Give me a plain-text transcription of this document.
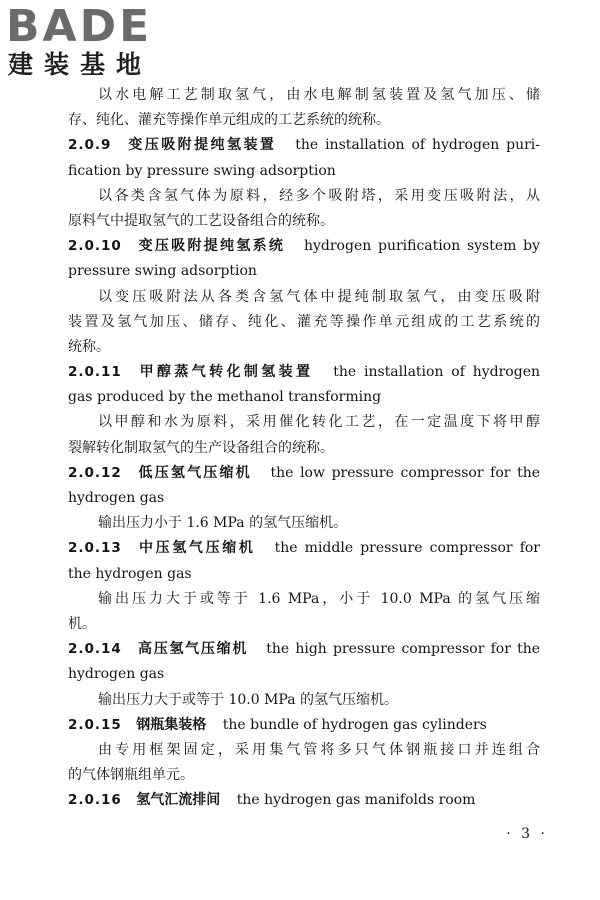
BADE
建装基地
以水电解工艺制取氢气，由水电解制氢装置及氢气加压、储
存、纯化、灌充等操作单元组成的工艺系统的统称。
2.0.9 变压吸附提纯氢装置 the installation of hydrogen puri-
fication by pressure swing adsorption
以各类含氢气体为原料，经多个吸附塔，采用变压吸附法，从
原料气中提取氢气的工艺设备组合的统称。
2.0.10 变压吸附提纯氢系统 hydrogen purification system by
pressure swing adsorption
以变压吸附法从各类含氢气体中提纯制取氢气，由变压吸附
装置及氢气加压、储存、纯化、灌充等操作单元组成的工艺系统的
统称。
2.0.11 甲醇蒸气转化制氢装置 the installation of hydrogen
gas produced by the methanol transforming
以甲醇和水为原料，采用催化转化工艺，在一定温度下将甲醇
裂解转化制取氢气的生产设备组合的统称。
2.0.12 低压氢气压缩机 the low pressure compressor for the
hydrogen gas
输出压力小于 1.6 MPa 的氢气压缩机。
2.0.13 中压氢气压缩机 the middle pressure compressor for
the hydrogen gas
输出压力大于或等于 1.6 MPa，小于 10.0 MPa 的氢气压缩
机。
2.0.14 高压氢气压缩机 the high pressure compressor for the
hydrogen gas
输出压力大于或等于 10.0 MPa 的氢气压缩机。
2.0.15 钢瓶集装格 the bundle of hydrogen gas cylinders
由专用框架固定，采用集气管将多只气体钢瓶接口并连组合
的气体钢瓶组单元。
2.0.16 氢气汇流排间 the hydrogen gas manifolds room
· 3 ·
